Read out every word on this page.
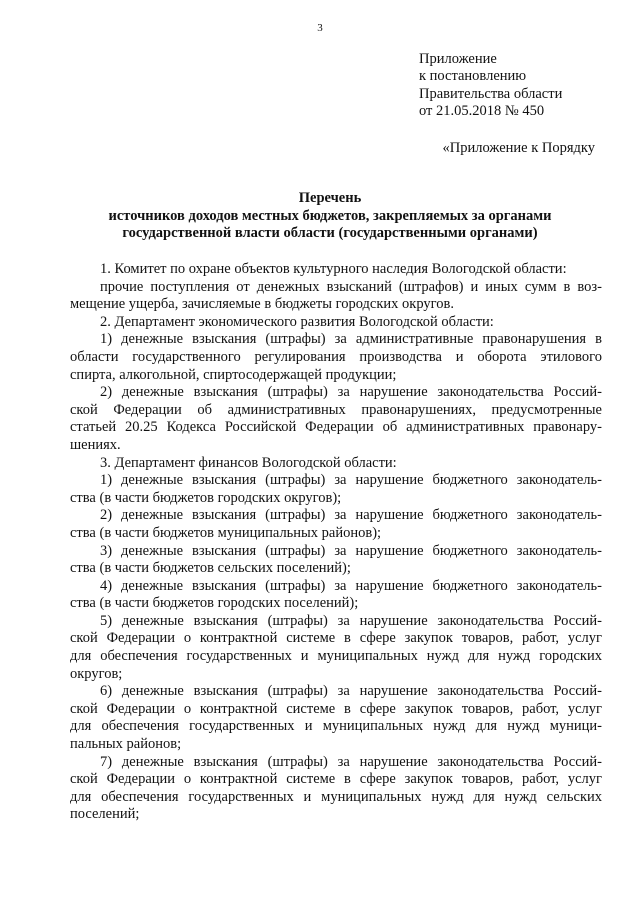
3
Приложение
к постановлению
Правительства области
от 21.05.2018 № 450
«Приложение к Порядку
Перечень
источников доходов местных бюджетов, закрепляемых за органами
государственной власти области (государственными органами)
1. Комитет по охране объектов культурного наследия Вологодской области:
прочие поступления от денежных взысканий (штрафов) и иных сумм в воз-
мещение ущерба, зачисляемые в бюджеты городских округов.
2. Департамент экономического развития Вологодской области:
1) денежные взыскания (штрафы) за административные правонарушения в
области государственного регулирования производства и оборота этилового
спирта, алкогольной, спиртосодержащей продукции;
2) денежные взыскания (штрафы) за нарушение законодательства Россий-
ской Федерации об административных правонарушениях, предусмотренные
статьей 20.25 Кодекса Российской Федерации об административных правонару-
шениях.
3. Департамент финансов Вологодской области:
1) денежные взыскания (штрафы) за нарушение бюджетного законодатель-
ства (в части бюджетов городских округов);
2) денежные взыскания (штрафы) за нарушение бюджетного законодатель-
ства (в части бюджетов муниципальных районов);
3) денежные взыскания (штрафы) за нарушение бюджетного законодатель-
ства (в части бюджетов сельских поселений);
4) денежные взыскания (штрафы) за нарушение бюджетного законодатель-
ства (в части бюджетов городских поселений);
5) денежные взыскания (штрафы) за нарушение законодательства Россий-
ской Федерации о контрактной системе в сфере закупок товаров, работ, услуг
для обеспечения государственных и муниципальных нужд для нужд городских
округов;
6) денежные взыскания (штрафы) за нарушение законодательства Россий-
ской Федерации о контрактной системе в сфере закупок товаров, работ, услуг
для обеспечения государственных и муниципальных нужд для нужд муници-
пальных районов;
7) денежные взыскания (штрафы) за нарушение законодательства Россий-
ской Федерации о контрактной системе в сфере закупок товаров, работ, услуг
для обеспечения государственных и муниципальных нужд для нужд сельских
поселений;
